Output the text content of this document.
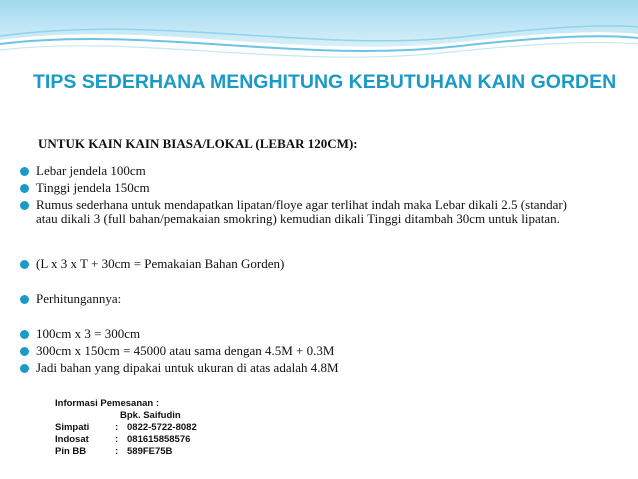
TIPS SEDERHANA MENGHITUNG KEBUTUHAN KAIN GORDEN

UNTUK KAIN KAIN BIASA/LOKAL (LEBAR 120CM):

Lebar jendela 100cm
Tinggi jendela 150cm
Rumus sederhana untuk mendapatkan lipatan/floye agar terlihat indah maka Lebar dikali 2.5 (standar) atau dikali 3 (full bahan/pemakaian smokring) kemudian dikali Tinggi ditambah 30cm untuk lipatan.
(L x 3 x T + 30cm = Pemakaian Bahan Gorden)
Perhitungannya:
100cm x 3 = 300cm
300cm x 150cm = 45000 atau sama dengan 4.5M + 0.3M
Jadi bahan yang dipakai untuk ukuran di atas adalah 4.8M
Informasi Pemesanan :
Bpk. Saifudin
Simpati	: 0822-5722-8082
Indosat	: 081615858576
Pin BB	: 589FE75B
